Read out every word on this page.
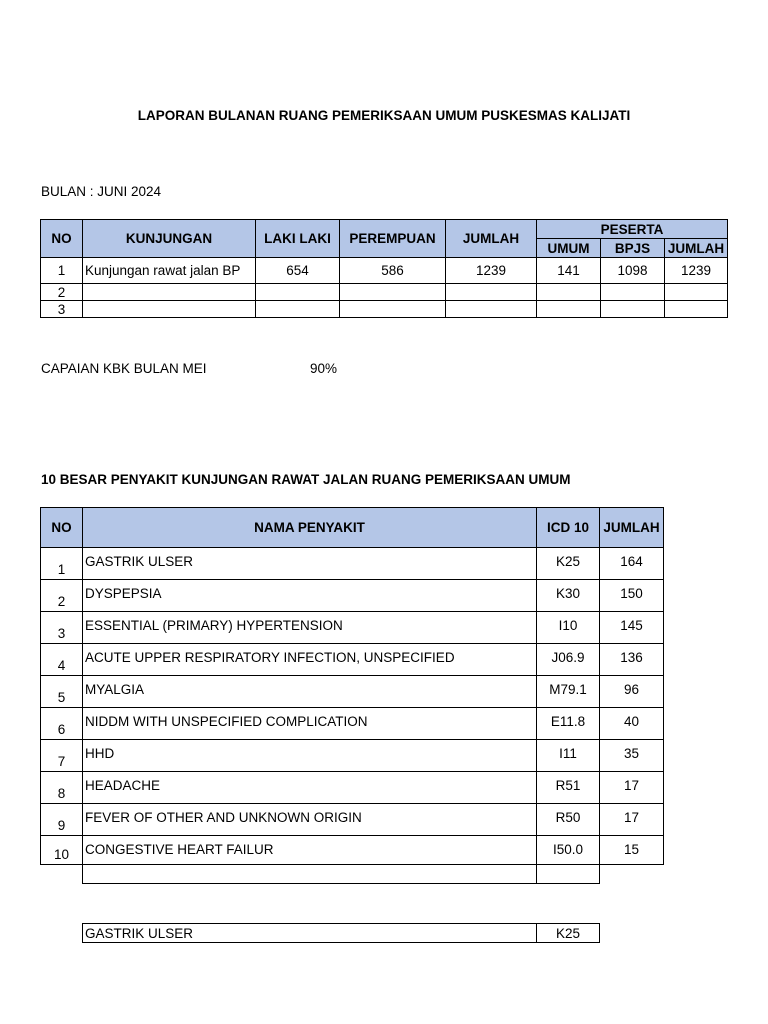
LAPORAN BULANAN RUANG PEMERIKSAAN UMUM PUSKESMAS KALIJATI
BULAN : JUNI 2024
NO	KUNJUNGAN	LAKI LAKI	PEREMPUAN	JUMLAH	PESERTA		
					UMUM	BPJS	JUMLAH
1	Kunjungan rawat jalan BP	654	586	1239	141	1098	1239
2							
3							
CAPAIAN KBK BULAN MEI	90%
10 BESAR PENYAKIT KUNJUNGAN RAWAT JALAN RUANG PEMERIKSAAN UMUM
NO	NAMA PENYAKIT	ICD 10	JUMLAH
1	GASTRIK ULSER	K25	164
2	DYSPEPSIA	K30	150
3	ESSENTIAL (PRIMARY) HYPERTENSION	I10	145
4	ACUTE UPPER RESPIRATORY INFECTION, UNSPECIFIED	J06.9	136
5	MYALGIA	M79.1	96
6	NIDDM WITH UNSPECIFIED COMPLICATION	E11.8	40
7	HHD	I11	35
8	HEADACHE	R51	17
9	FEVER OF OTHER AND UNKNOWN ORIGIN	R50	17
10	CONGESTIVE HEART FAILUR	I50.0	15

GASTRIK ULSER	K25
